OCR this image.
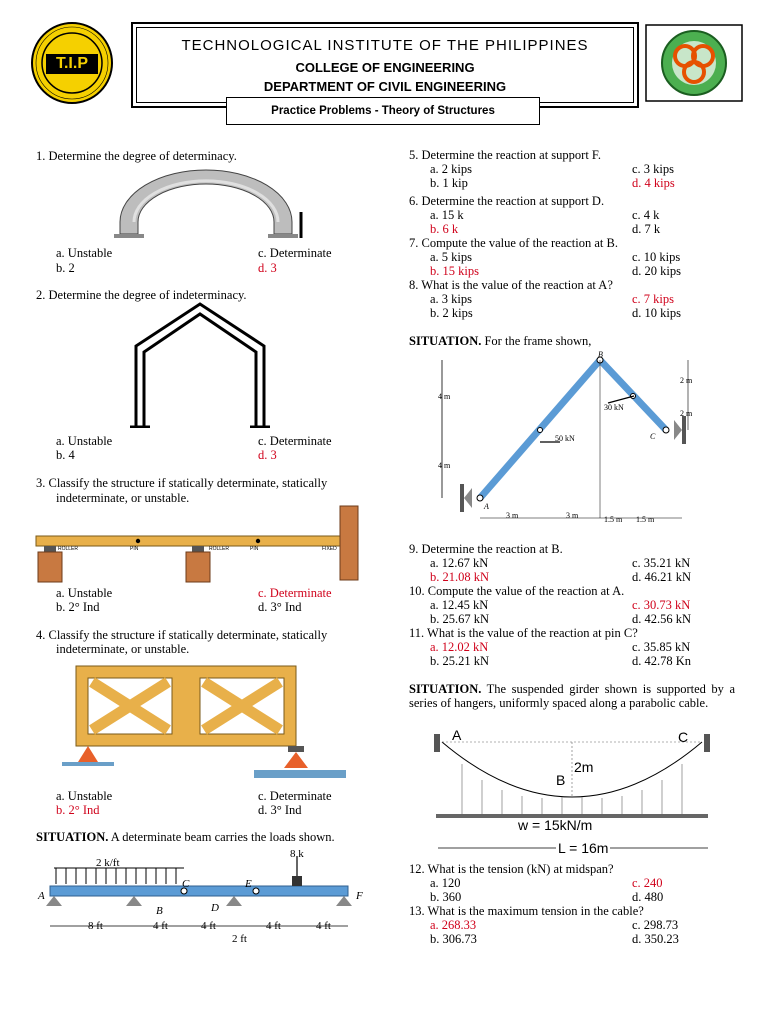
T.I.P
TECHNOLOGICAL INSTITUTE OF THE PHILIPPINES
COLLEGE OF ENGINEERING
DEPARTMENT OF CIVIL ENGINEERING
Practice Problems - Theory of Structures
1. Determine the degree of determinacy.
a. Unstable	c. Determinate
b. 2	d. 3
2. Determine the degree of indeterminacy.
a. Unstable	c. Determinate
b. 4	d. 3
3. Classify the structure if statically determinate, statically
indeterminate, or unstable.
ROLLER	PIN	ROLLER	PIN	FIXED
a. Unstable	c. Determinate
b. 2° Ind	d. 3° Ind
4. Classify the structure if statically determinate, statically
indeterminate, or unstable.
a. Unstable	c. Determinate
b. 2° Ind	d. 3° Ind
SITUATION. A determinate beam carries the loads shown.
2 k/ft
8 k
A
B
C
D
E
F
8 ft	4 ft	4 ft	4 ft	4 ft
2 ft
5. Determine the reaction at support F.
a. 2 kips	c. 3 kips
b. 1 kip	d. 4 kips
6. Determine the reaction at support D.
a. 15 k	c. 4 k
b. 6 k	d. 7 k
7. Compute the value of the reaction at B.
a. 5 kips	c. 10 kips
b. 15 kips	d. 20 kips
8. What is the value of the reaction at A?
a. 3 kips	c. 7 kips
b. 2 kips	d. 10 kips
SITUATION. For the frame shown,
B
A
C
4 m
4 m
2 m
2 m
30 kN
50 kN
3 m	3 m	1.5 m 1.5 m
9. Determine the reaction at B.
a. 12.67 kN	c. 35.21 kN
b. 21.08 kN	d. 46.21 kN
10. Compute the value of the reaction at A.
a. 12.45 kN	c. 30.73 kN
b. 25.67 kN	d. 42.56 kN
11. What is the value of the reaction at pin C?
a. 12.02 kN	c. 35.85 kN
b. 25.21 kN	d. 42.78 Kn
SITUATION. The suspended girder shown is supported by a series of hangers, uniformly spaced along a parabolic cable.
A	C
B
2m
w = 15kN/m
L = 16m
12. What is the tension (kN) at midspan?
a. 120	c. 240
b. 360	d. 480
13. What is the maximum tension in the cable?
a. 268.33	c. 298.73
b. 306.73	d. 350.23
